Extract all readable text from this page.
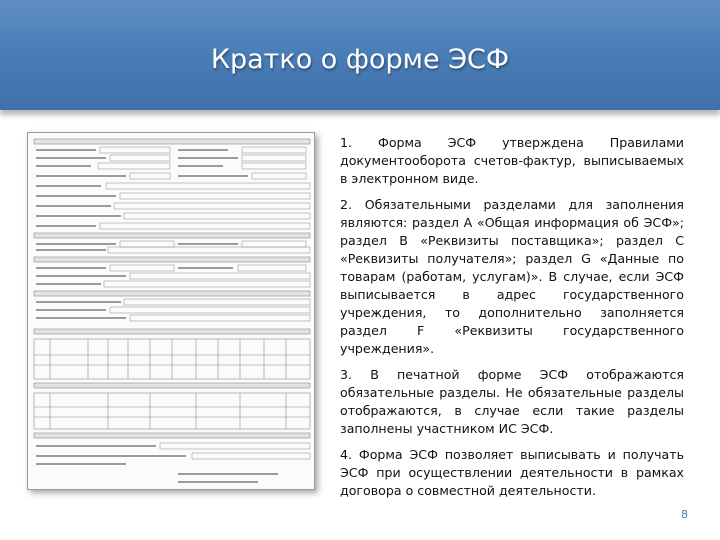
Кратко о форме ЭСФ

1. Форма ЭСФ утверждена Правилами документооборота счетов-фактур, выписываемых в электронном виде.

2. Обязательными разделами для заполнения являются: раздел А «Общая информация об ЭСФ»; раздел В «Реквизиты поставщика»; раздел С «Реквизиты получателя»; раздел G «Данные по товарам (работам, услугам)». В случае, если ЭСФ выписывается в адрес государственного учреждения, то дополнительно заполняется раздел F «Реквизиты государственного учреждения».

3. В печатной форме ЭСФ отображаются обязательные разделы. Не обязательные разделы отображаются, в случае если такие разделы заполнены участником ИС ЭСФ.

4. Форма ЭСФ позволяет выписывать и получать ЭСФ при осуществлении деятельности в рамках договора о совместной деятельности.

8
